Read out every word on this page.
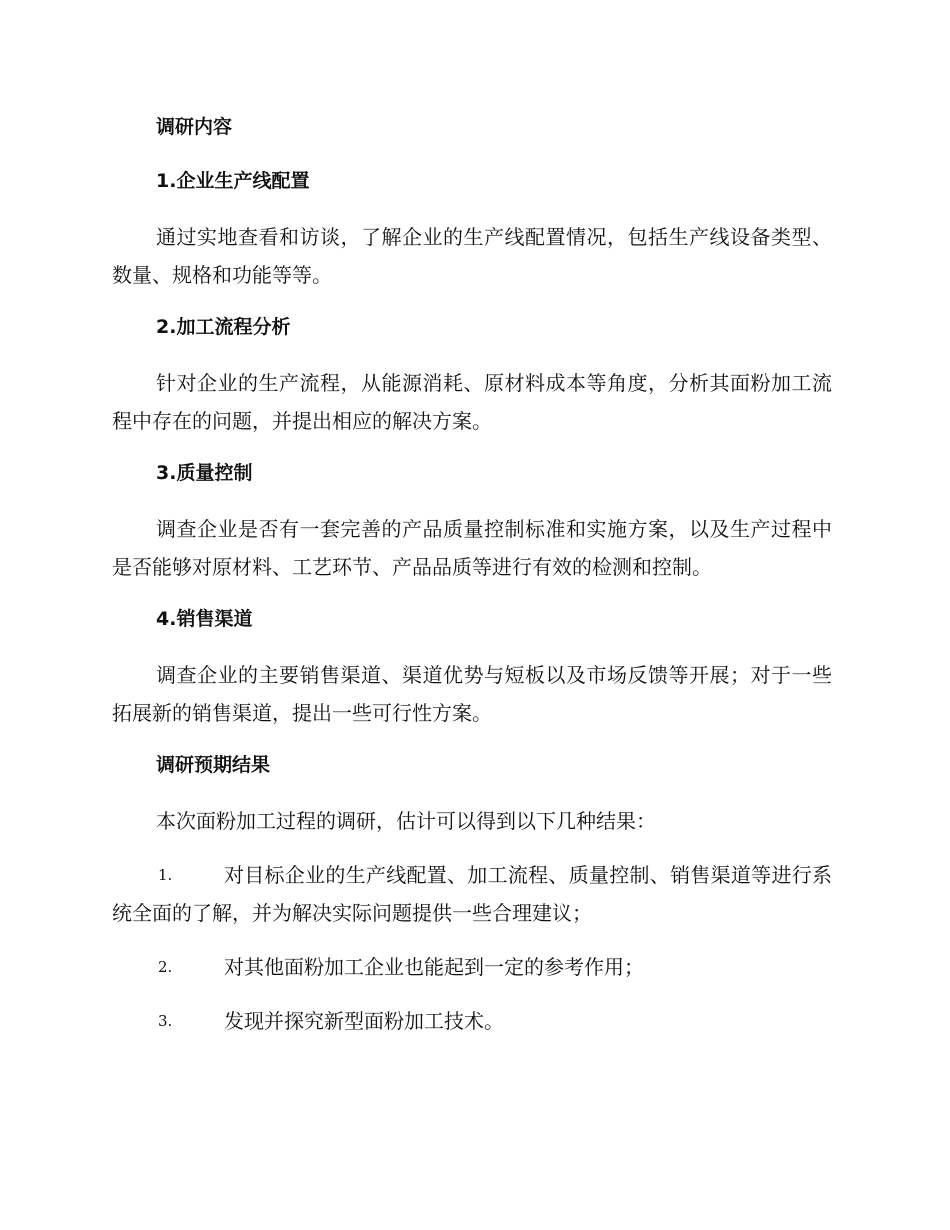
调研内容
1.企业生产线配置
通过实地查看和访谈，了解企业的生产线配置情况，包括生产线设备类型、数量、规格和功能等等。
2.加工流程分析
针对企业的生产流程，从能源消耗、原材料成本等角度，分析其面粉加工流程中存在的问题，并提出相应的解决方案。
3.质量控制
调查企业是否有一套完善的产品质量控制标准和实施方案，以及生产过程中是否能够对原材料、工艺环节、产品品质等进行有效的检测和控制。
4.销售渠道
调查企业的主要销售渠道、渠道优势与短板以及市场反馈等开展；对于一些拓展新的销售渠道，提出一些可行性方案。
调研预期结果
本次面粉加工过程的调研，估计可以得到以下几种结果：
1.	对目标企业的生产线配置、加工流程、质量控制、销售渠道等进行系统全面的了解，并为解决实际问题提供一些合理建议；
2.	对其他面粉加工企业也能起到一定的参考作用；
3.	发现并探究新型面粉加工技术。
